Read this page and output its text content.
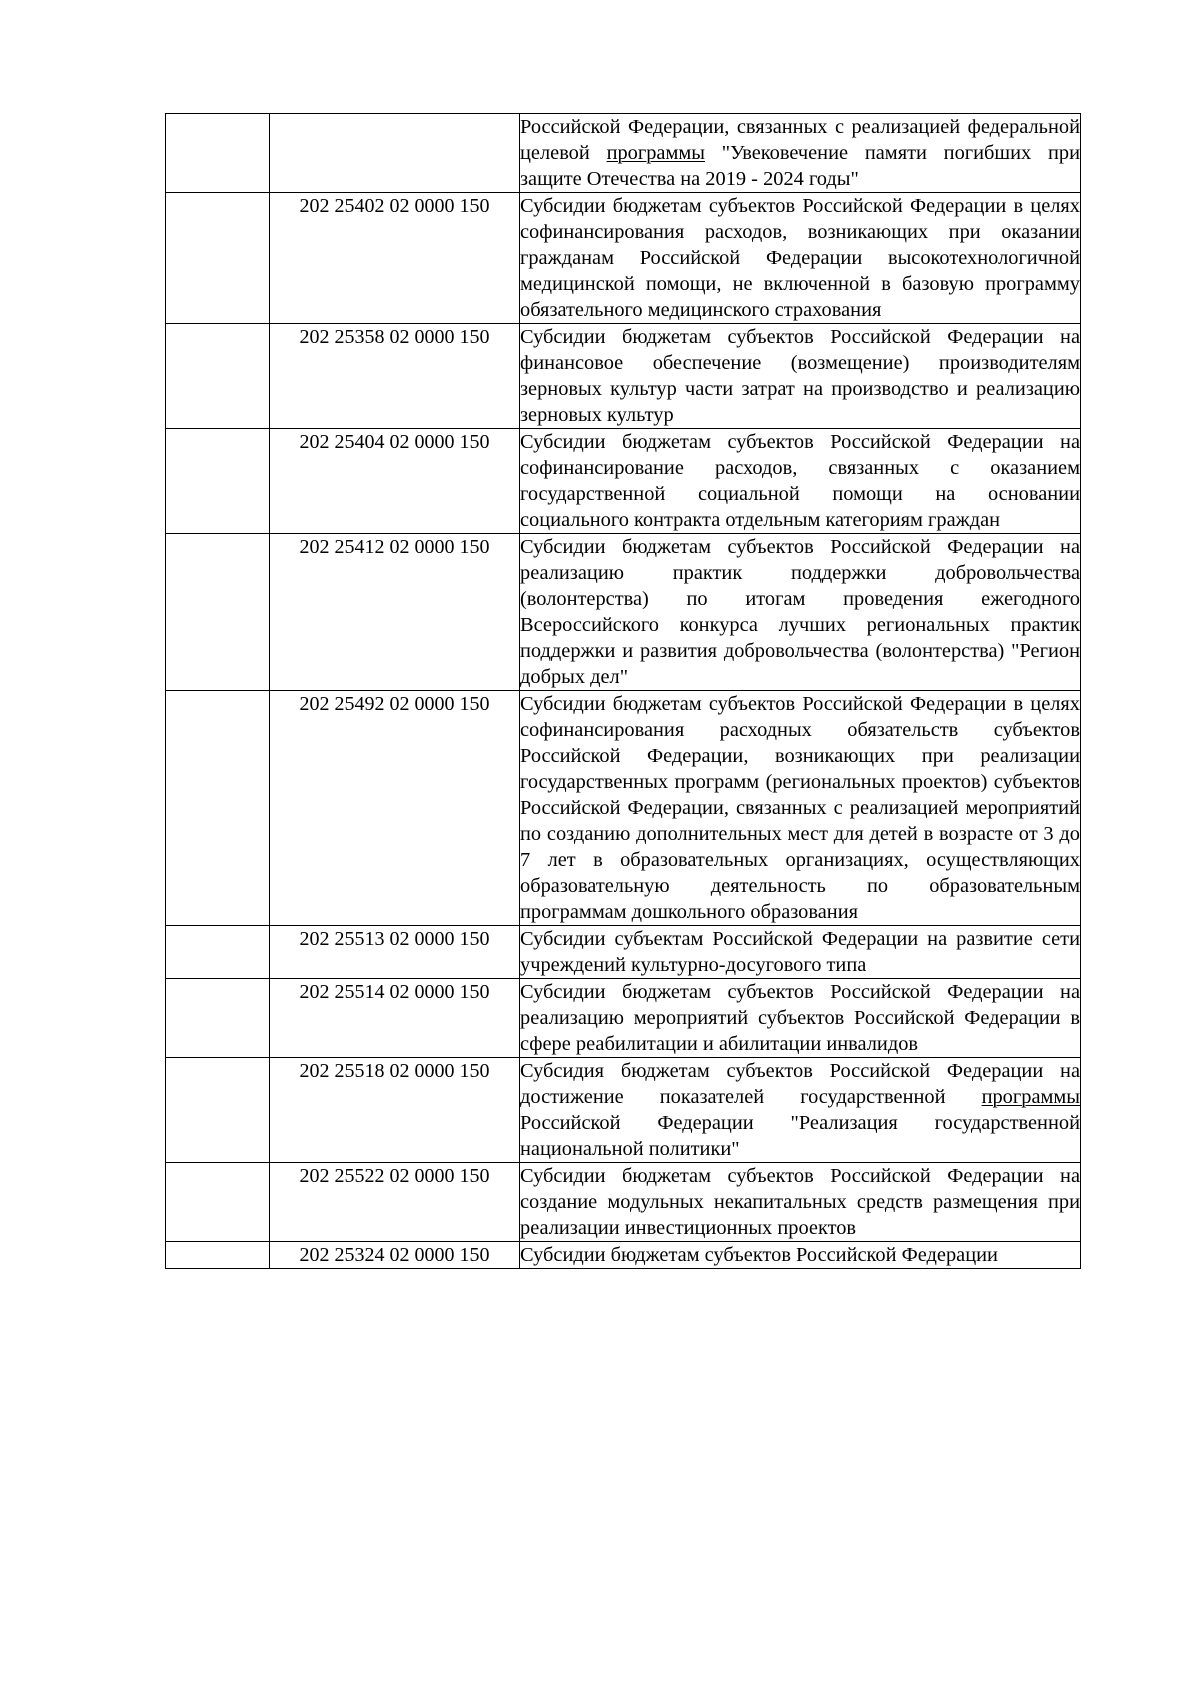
		Российской Федерации, связанных с реализацией федеральной целевой программы "Увековечение памяти погибших при защите Отечества на 2019 - 2024 годы"
	202 25402 02 0000 150	Субсидии бюджетам субъектов Российской Федерации в целях софинансирования расходов, возникающих при оказании гражданам Российской Федерации высокотехнологичной медицинской помощи, не включенной в базовую программу обязательного медицинского страхования
	202 25358 02 0000 150	Субсидии бюджетам субъектов Российской Федерации на финансовое обеспечение (возмещение) производителям зерновых культур части затрат на производство и реализацию зерновых культур
	202 25404 02 0000 150	Субсидии бюджетам субъектов Российской Федерации на софинансирование расходов, связанных с оказанием государственной социальной помощи на основании социального контракта отдельным категориям граждан
	202 25412 02 0000 150	Субсидии бюджетам субъектов Российской Федерации на реализацию практик поддержки добровольчества (волонтерства) по итогам проведения ежегодного Всероссийского конкурса лучших региональных практик поддержки и развития добровольчества (волонтерства) "Регион добрых дел"
	202 25492 02 0000 150	Субсидии бюджетам субъектов Российской Федерации в целях софинансирования расходных обязательств субъектов Российской Федерации, возникающих при реализации государственных программ (региональных проектов) субъектов Российской Федерации, связанных с реализацией мероприятий по созданию дополнительных мест для детей в возрасте от 3 до 7 лет в образовательных организациях, осуществляющих образовательную деятельность по образовательным программам дошкольного образования
	202 25513 02 0000 150	Субсидии субъектам Российской Федерации на развитие сети учреждений культурно-досугового типа
	202 25514 02 0000 150	Субсидии бюджетам субъектов Российской Федерации на реализацию мероприятий субъектов Российской Федерации в сфере реабилитации и абилитации инвалидов
	202 25518 02 0000 150	Субсидия бюджетам субъектов Российской Федерации на достижение показателей государственной программы Российской Федерации "Реализация государственной национальной политики"
	202 25522 02 0000 150	Субсидии бюджетам субъектов Российской Федерации на создание модульных некапитальных средств размещения при реализации инвестиционных проектов
	202 25324 02 0000 150	Субсидии бюджетам субъектов Российской Федерации
